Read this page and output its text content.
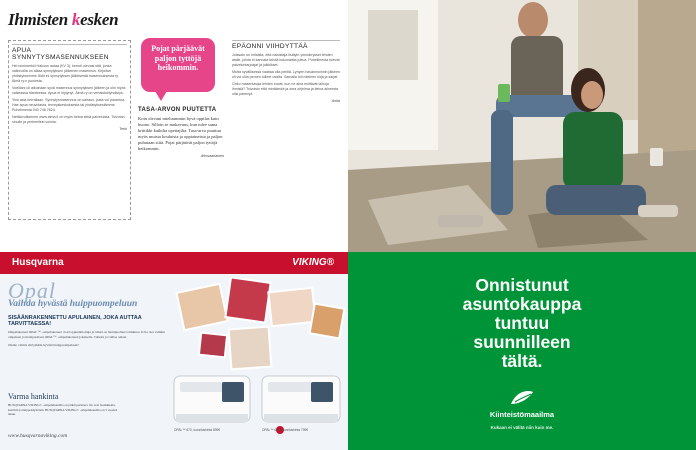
Ihmisten kesken
APUA SYNNYTYSMASENNUKSEEN

Hei nimimerkki Hakuun autaa (KV 3), kerroit olevasi sitä, jonka valinnoilla on aikaa synnytyksen jälkeinen masennus. Kirjoitan yhdistyksemme Äidit ini synnytyksen jälkeisestä masennuksesta ry Äimä ry:n puolesta.

Voeillani oli aikoinaan syvä masennus synnytyksen jälkeen ja olin myös vaikeassa tilanteessa. Apua ei löytynyt. Äimä ry on vertaistukiyhdistys.

Yksi asia kerrallaan. Synnytysmasennus on sairaus, josta voi parantua. Hae apua neuvolasta, terveyskeskuksesta tai yhdistyksestämme. Puhelimesta 040 746 7624.

Nettisivuillamme www.aima.fi on myös tietoa sekä palveluista. Toivotan sinulle ja perheellesi voimia.

Terhi
Pojat pärjäävät paljon tyttöjä heikommin.
TASA-ARVON PUUTETTA

Koin olevani mieluummin hyvä oppilas kuin huono. Silloin se mukavuus, kun tulee sama kritiikki kaikilta opettajilta. Tasa-arvo puuttuu myös muista kouluista ja oppiaineista ja paljon puhutaan siitä. Pojat pärjäävät paljon tyttöjä heikommin.

Afrosaariainen
EPÄONNI VIIHDYTTÄÄ

Joissain on erilaista, että naisistaja lisätyin ymmärrykset lehden alalle, joista ei kannata tehdä kokonaista juttua. Puhelimesta tulevat palveluntarjoajat ja julkkikset.

Mutta syvällisessä vaatiaa olla perillä. Lyhyen havainnoinnin jälkeen oli voi ollla pernen tulleet osalta. Samalla tuli mieleen kirja ja sarjat.

Onko masentavaa lehden kuvat, kun ne aina esittävät laihoja ihmisiä? Toivoisin että minätiedot ja oma ohjelma ja tietoa aiheesta olisi parempi.

Anita
Husqvarna	VIKING®
Opal
Vaihda hyvästä huippuompeluun
SISÄÄNRAKENNETTU APULAINEN, JOKA AUTTAA TARVITTAESSA!
Ompelukoneet OPAL™ -ompelukoneet ovat loppuunhiottuja ja niissä on monipuoliset toiminnot. Kiva olet valmiin ompeleen ja monipuolisen OPAL™ -ompelukoneen jokaiselle. Tutustu ja valitse omasi.
Oletko valmis siirtymään hyvästä huippuompeluun?
Varma hankinta
HUSQVARNA VIKING® -ompelukoneilla on pitkät perinteet. Ne ovat laadukkaita, kestäviä ja helppokäyttöisiä. HUSQVARNA VIKING® -ompelukoneilla on 5 vuoden takuu.
www.husqvarnaviking.com
OPAL™ 670, suositushinta 899€	OPAL™ 690, suositushinta 799€
Onnistunut
asuntokauppa
tuntuu
suunnilleen
tältä.
Kiinteistömaailma
Kukaan ei välitä niin kuin me.
